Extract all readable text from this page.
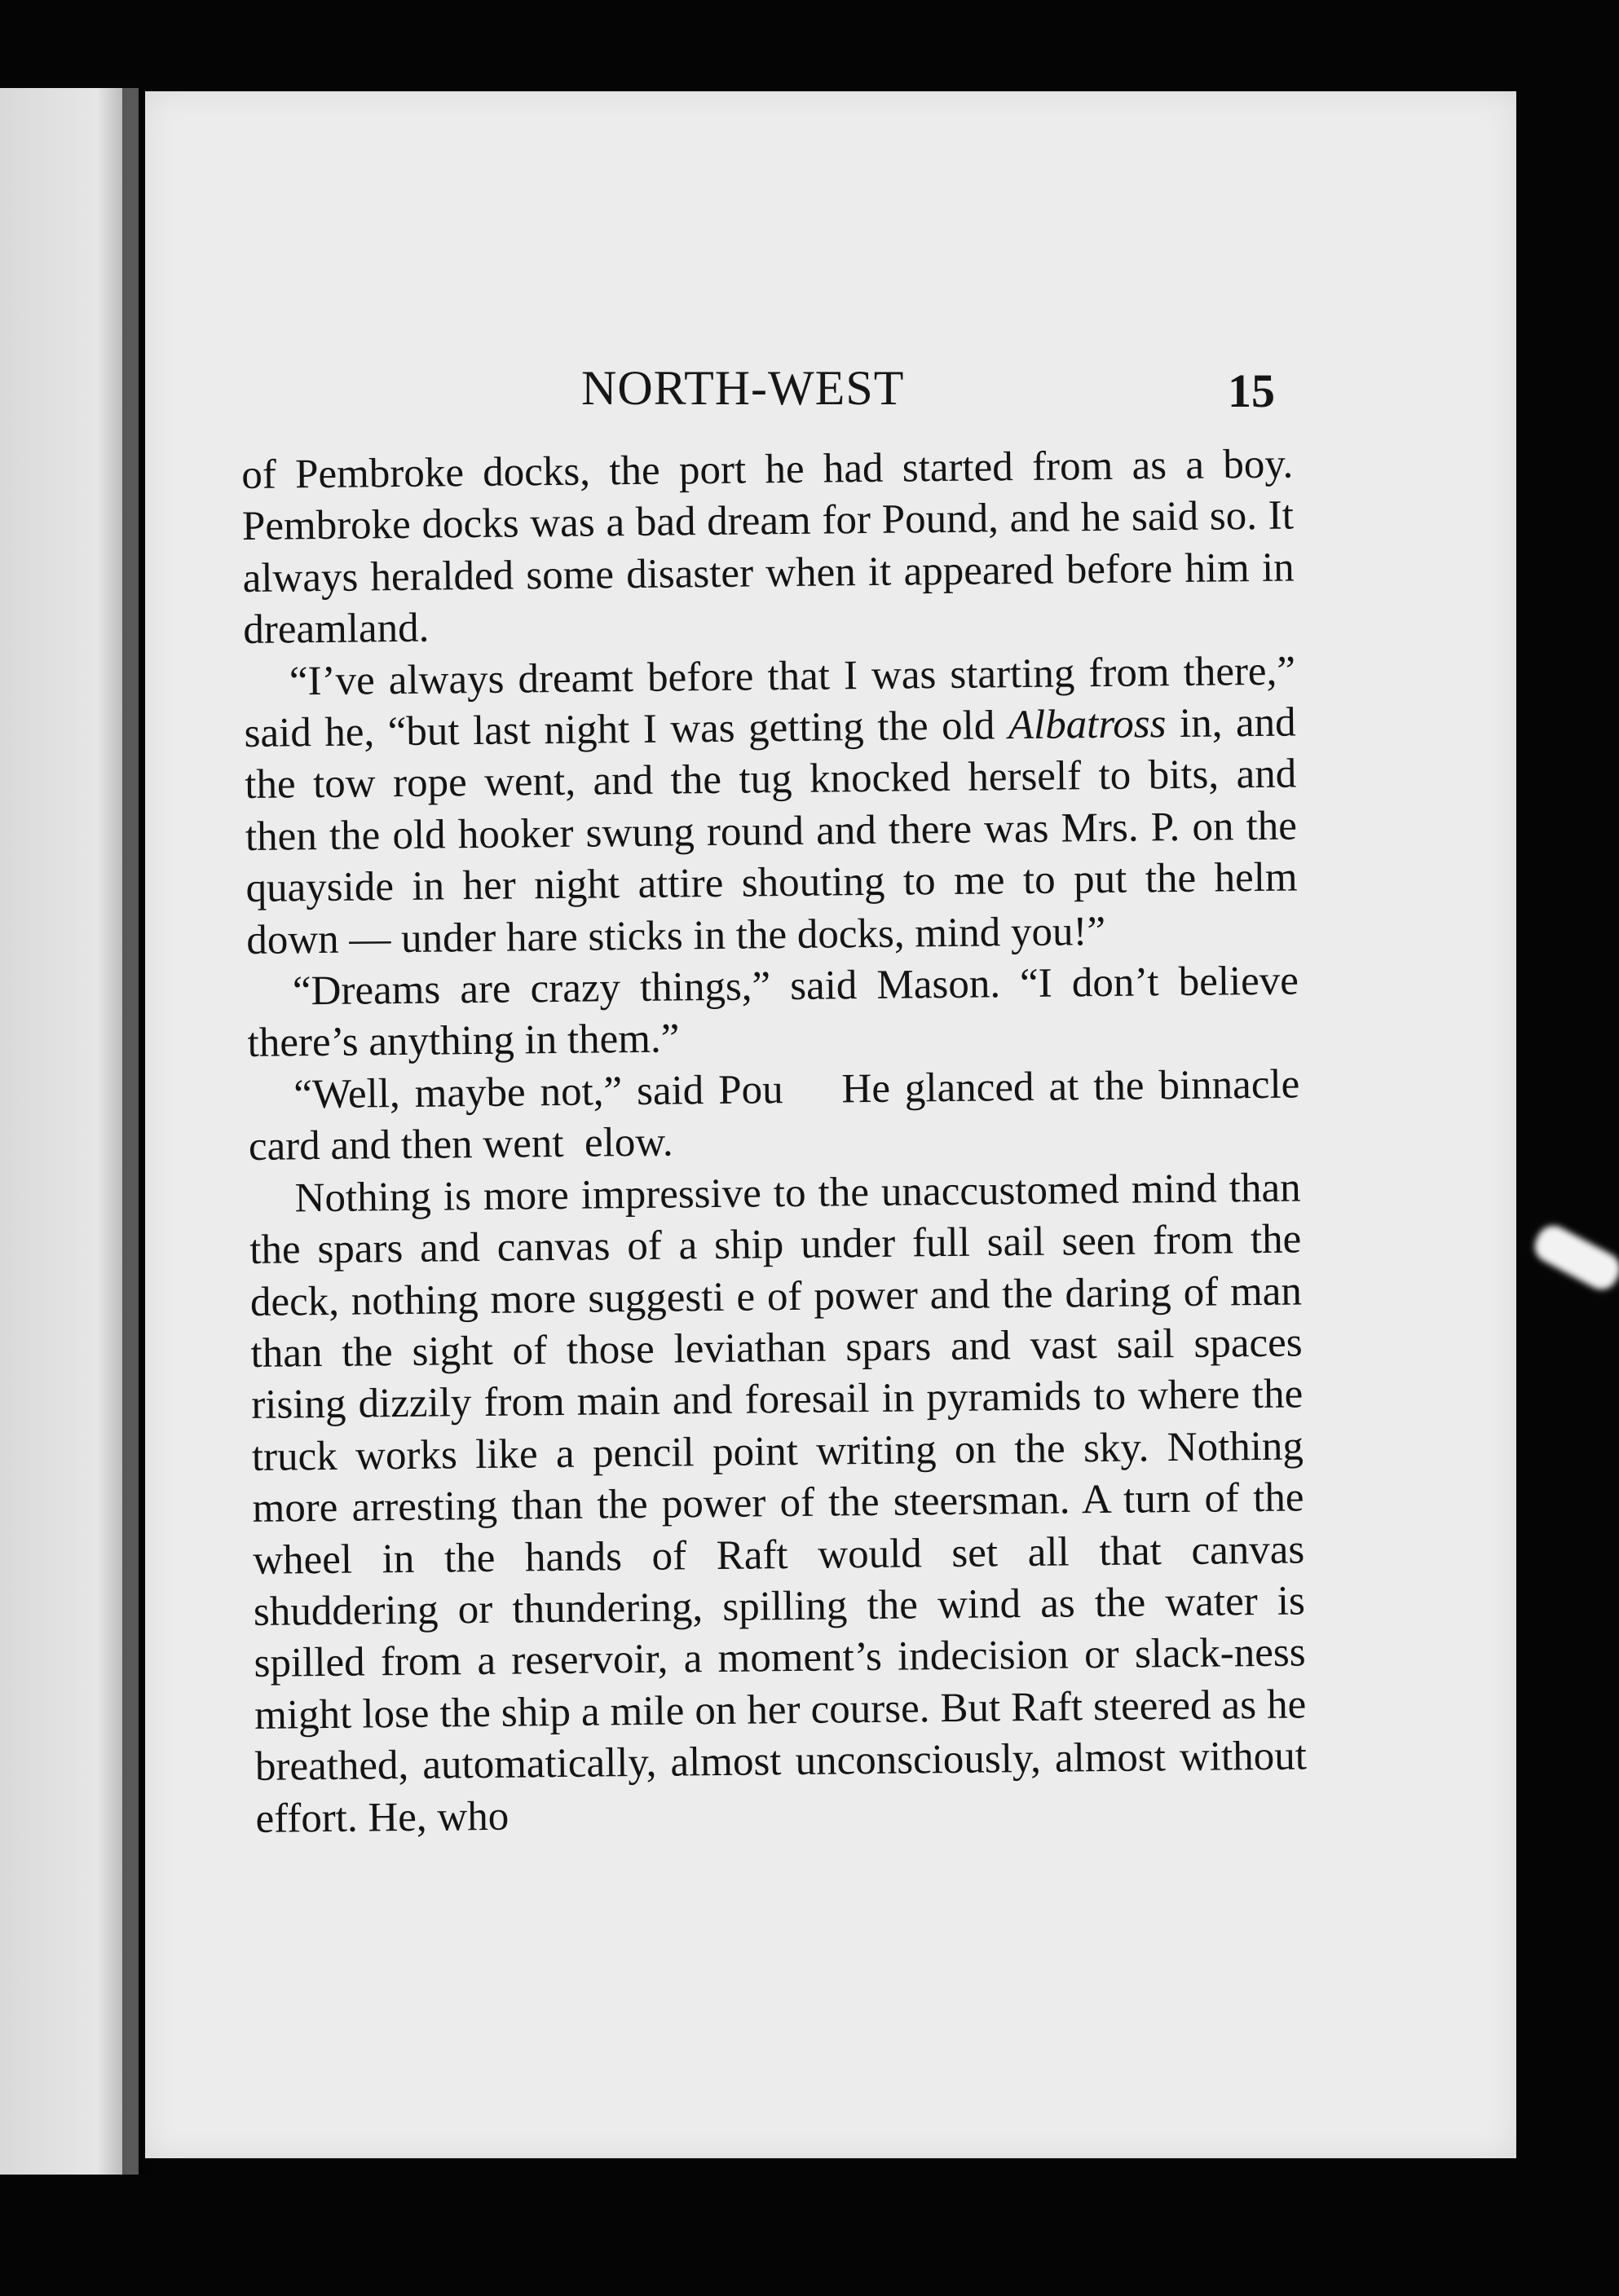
NORTH-WEST	15

of Pembroke docks, the port he had started from as a boy. Pembroke docks was a bad dream for Pound, and he said so. It always heralded some disaster when it appeared before him in dreamland.

“I’ve always dreamt before that I was starting from there,” said he, “but last night I was getting the old Albatross in, and the tow rope went, and the tug knocked herself to bits, and then the old hooker swung round and there was Mrs. P. on the quayside in her night attire shouting to me to put the helm down — under hare sticks in the docks, mind you!”

“Dreams are crazy things,” said Mason. “I don’t believe there’s anything in them.”

“Well, maybe not,” said Pou    He glanced at the binnacle card and then went  elow.

Nothing is more impressive to the unaccustomed mind than the spars and canvas of a ship under full sail seen from the deck, nothing more suggesti e of power and the daring of man than the sight of those leviathan spars and vast sail spaces rising dizzily from main and foresail in pyramids to where the truck works like a pencil point writing on the sky. Nothing more arresting than the power of the steersman. A turn of the wheel in the hands of Raft would set all that canvas shuddering or thundering, spilling the wind as the water is spilled from a reservoir, a moment’s indecision or slack-ness might lose the ship a mile on her course. But Raft steered as he breathed, automatically, almost unconsciously, almost without effort. He, who
